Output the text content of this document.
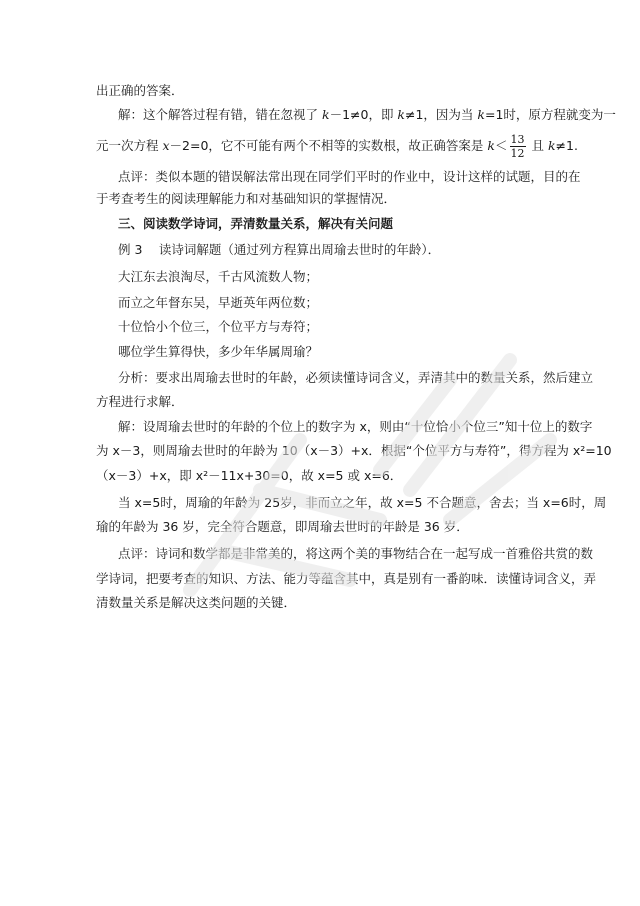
出正确的答案．
解：这个解答过程有错，错在忽视了 k－1≠0，即 k≠1，因为当 k=1时，原方程就变为一
元一次方程 x－2=0，它不可能有两个不相等的实数根，故正确答案是 $k< \frac{13}{12}$ 且 k≠1.
点评：类似本题的错误解法常出现在同学们平时的作业中，设计这样的试题，目的在
于考查考生的阅读理解能力和对基础知识的掌握情况．
三、阅读数学诗词，弄清数量关系，解决有关问题
例 3　 读诗词解题（通过列方程算出周瑜去世时的年龄）．
大江东去浪淘尽，千古风流数人物；
而立之年督东吴，早逝英年两位数；
十位恰小个位三，个位平方与寿符；
哪位学生算得快，多少年华属周瑜？
分析：要求出周瑜去世时的年龄，必须读懂诗词含义，弄清其中的数量关系，然后建立
方程进行求解．
解：设周瑜去世时的年龄的个位上的数字为 x，则由“十位恰小个位三”知十位上的数字
为 x－3，则周瑜去世时的年龄为 10（x－3）+x．根据“个位平方与寿符”，得方程为 x²=10
（x－3）+x，即 x²－11x+30=0，故 x=5 或 x=6．
当 x=5时，周瑜的年龄为 25岁，非而立之年，故 x=5 不合题意，舍去；当 x=6时，周
瑜的年龄为 36 岁，完全符合题意，即周瑜去世时的年龄是 36 岁．
点评：诗词和数学都是非常美的，将这两个美的事物结合在一起写成一首雅俗共赏的数
学诗词，把要考查的知识、方法、能力等蕴含其中，真是别有一番韵味．读懂诗词含义，弄
清数量关系是解决这类问题的关键．
